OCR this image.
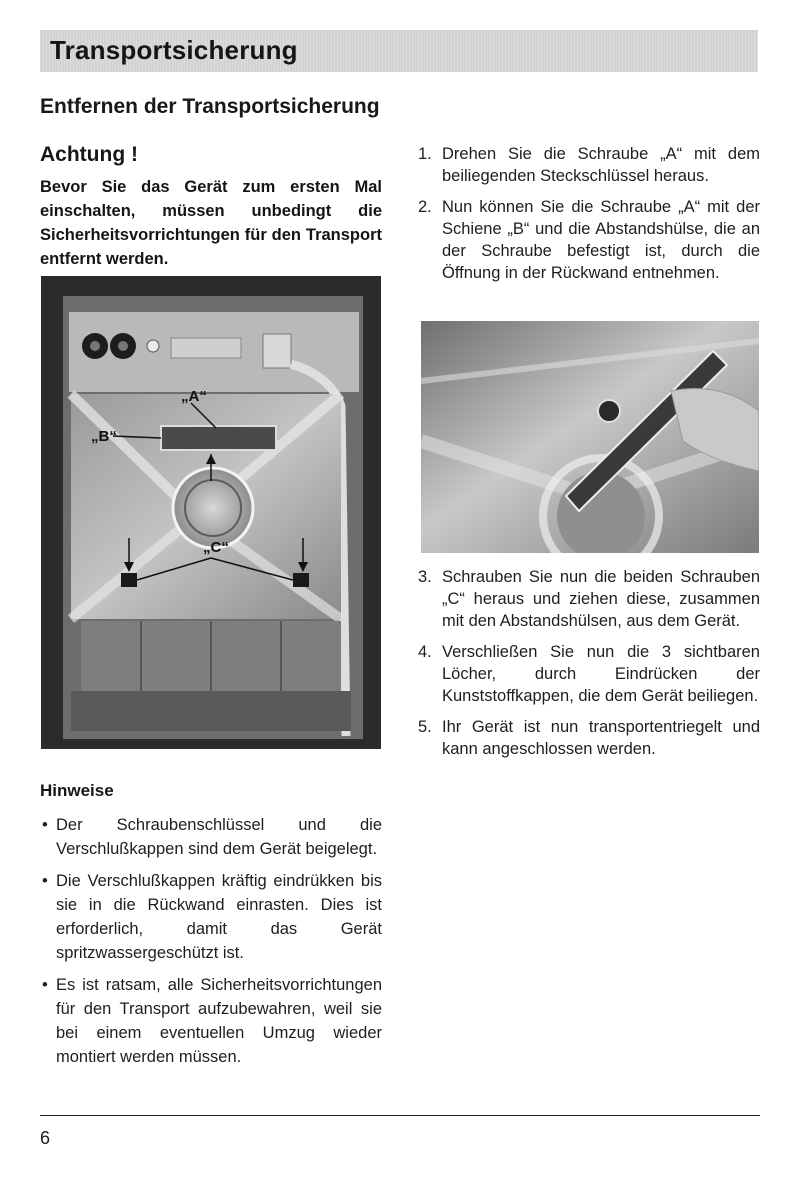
Transportsicherung
Entfernen der Transportsicherung
Achtung !

Bevor Sie das Gerät zum ersten Mal einschalten, müssen unbedingt die Sicherheitsvorrichtungen für den Transport entfernt werden.

„A“
„B“
„C“
1. Drehen Sie die Schraube „A“ mit dem beiliegenden Steckschlüssel heraus.
2. Nun können Sie die Schraube „A“ mit der Schiene „B“ und die Abstandshülse, die an der Schraube befestigt ist, durch die Öffnung in der Rückwand entnehmen.
3. Schrauben Sie nun die beiden Schrauben „C“ heraus und ziehen diese, zusammen mit den Abstandshülsen, aus dem Gerät.
4. Verschließen Sie nun die 3 sichtbaren Löcher, durch Eindrücken der Kunststoffkappen, die dem Gerät beiliegen.
5. Ihr Gerät ist nun transportentriegelt und kann angeschlossen werden.
Hinweise
• Der Schraubenschlüssel und die Verschlußkappen sind dem Gerät beigelegt.
• Die Verschlußkappen kräftig eindrükken bis sie in die Rückwand einrasten. Dies ist erforderlich, damit das Gerät spritzwassergeschützt ist.
• Es ist ratsam, alle Sicherheitsvorrichtungen für den Transport aufzubewahren, weil sie bei einem eventuellen Umzug wieder montiert werden müssen.
6
